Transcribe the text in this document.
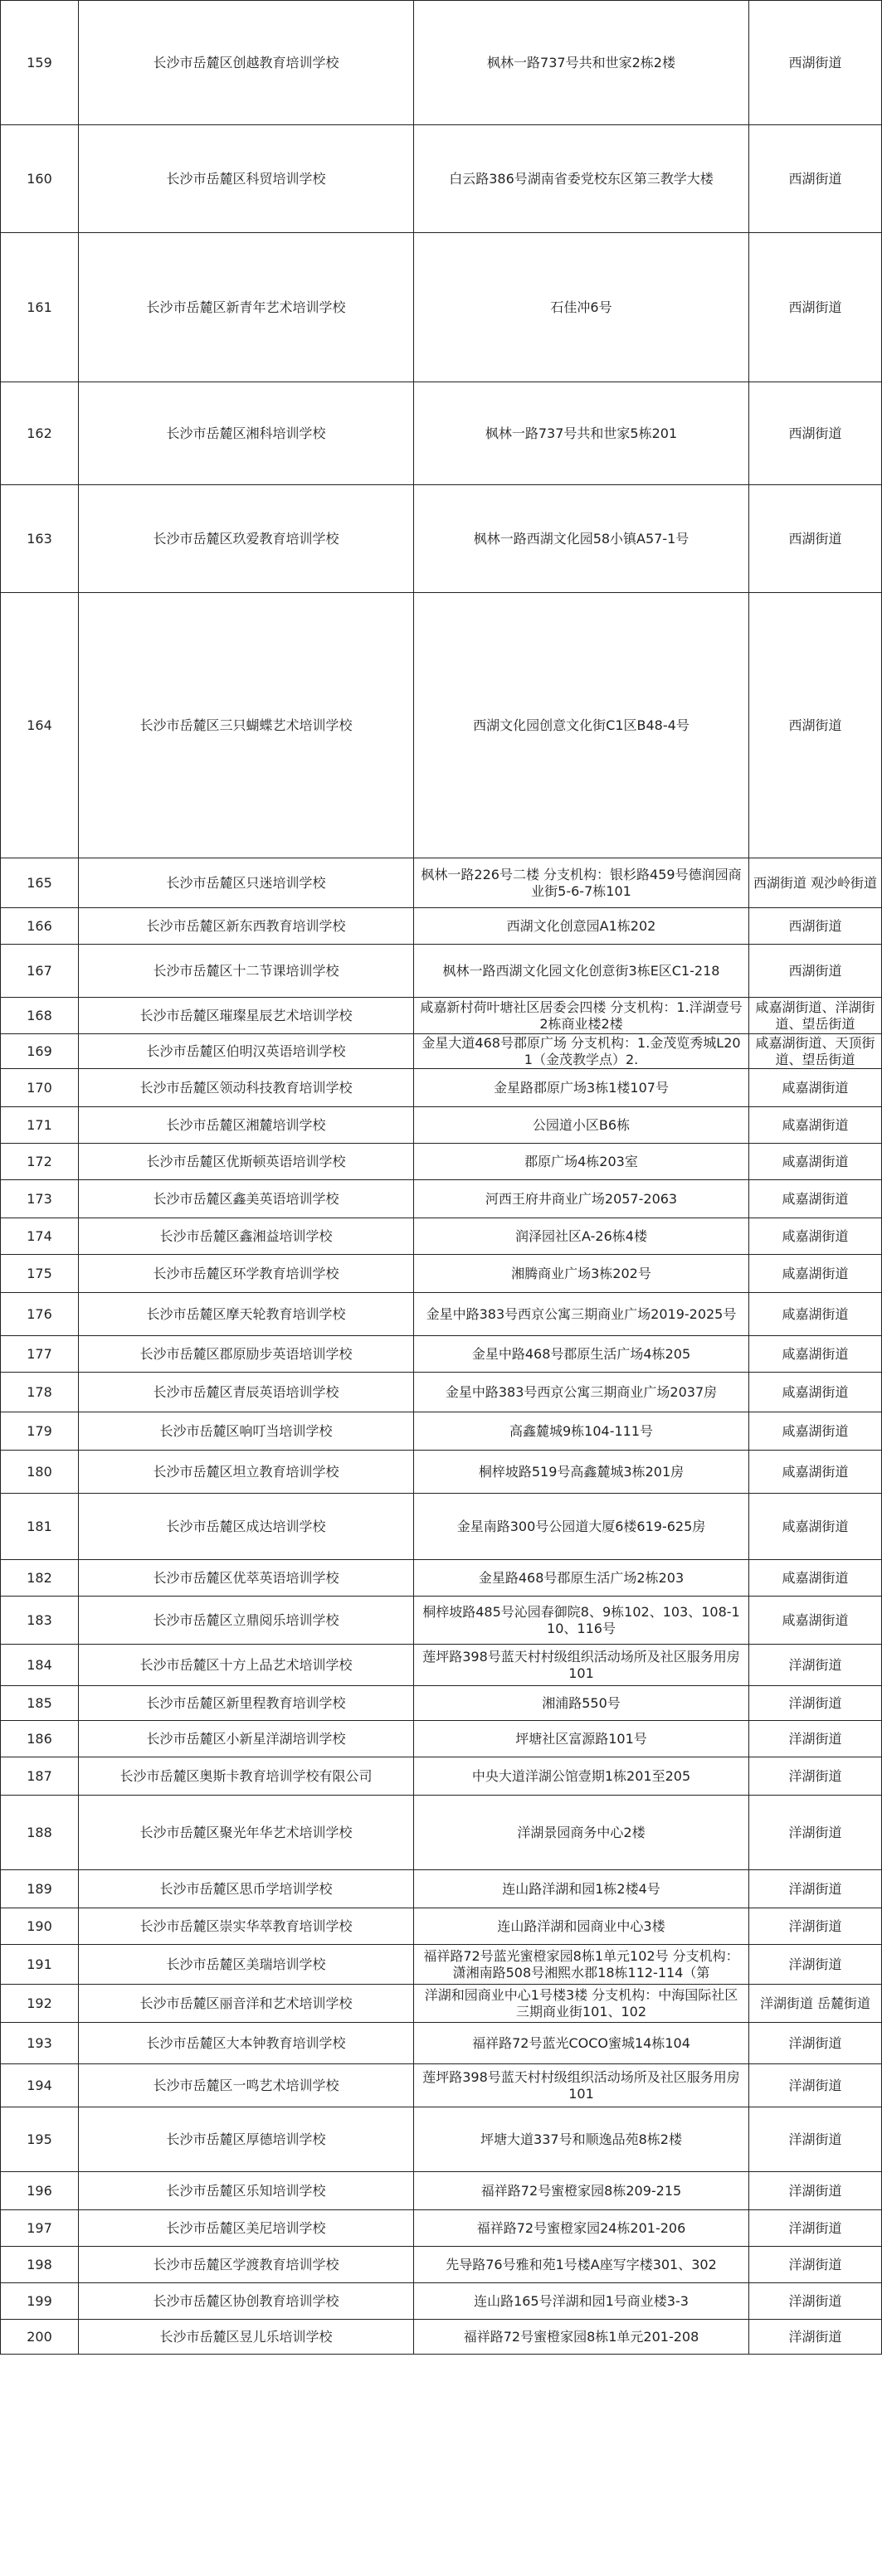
159	长沙市岳麓区创越教育培训学校	枫林一路737号共和世家2栋2楼	西湖街道
160	长沙市岳麓区科贸培训学校	白云路386号湖南省委党校东区第三教学大楼	西湖街道
161	长沙市岳麓区新青年艺术培训学校	石佳冲6号	西湖街道
162	长沙市岳麓区湘科培训学校	枫林一路737号共和世家5栋201	西湖街道
163	长沙市岳麓区玖爱教育培训学校	枫林一路西湖文化园58小镇A57-1号	西湖街道
164	长沙市岳麓区三只蝴蝶艺术培训学校	西湖文化园创意文化街C1区B48-4号	西湖街道
165	长沙市岳麓区只迷培训学校	枫林一路226号二楼 分支机构：银杉路459号德润园商业街5-6-7栋101	西湖街道 观沙岭街道
166	长沙市岳麓区新东西教育培训学校	西湖文化创意园A1栋202	西湖街道
167	长沙市岳麓区十二节课培训学校	枫林一路西湖文化园文化创意街3栋E区C1-218	西湖街道
168	长沙市岳麓区璀璨星辰艺术培训学校	咸嘉新村荷叶塘社区居委会四楼 分支机构：1.洋湖壹号2栋商业楼2楼	咸嘉湖街道、洋湖街道、望岳街道
169	长沙市岳麓区伯明汉英语培训学校	金星大道468号郡原广场 分支机构：1.金茂览秀城L201（金茂教学点）2.	咸嘉湖街道、天顶街道、望岳街道
170	长沙市岳麓区领动科技教育培训学校	金星路郡原广场3栋1楼107号	咸嘉湖街道
171	长沙市岳麓区湘麓培训学校	公园道小区B6栋	咸嘉湖街道
172	长沙市岳麓区优斯顿英语培训学校	郡原广场4栋203室	咸嘉湖街道
173	长沙市岳麓区鑫美英语培训学校	河西王府井商业广场2057-2063	咸嘉湖街道
174	长沙市岳麓区鑫湘益培训学校	润泽园社区A-26栋4楼	咸嘉湖街道
175	长沙市岳麓区环学教育培训学校	湘腾商业广场3栋202号	咸嘉湖街道
176	长沙市岳麓区摩天轮教育培训学校	金星中路383号西京公寓三期商业广场2019-2025号	咸嘉湖街道
177	长沙市岳麓区郡原励步英语培训学校	金星中路468号郡原生活广场4栋205	咸嘉湖街道
178	长沙市岳麓区青辰英语培训学校	金星中路383号西京公寓三期商业广场2037房	咸嘉湖街道
179	长沙市岳麓区响叮当培训学校	高鑫麓城9栋104-111号	咸嘉湖街道
180	长沙市岳麓区坦立教育培训学校	桐梓坡路519号高鑫麓城3栋201房	咸嘉湖街道
181	长沙市岳麓区成达培训学校	金星南路300号公园道大厦6楼619-625房	咸嘉湖街道
182	长沙市岳麓区优萃英语培训学校	金星路468号郡原生活广场2栋203	咸嘉湖街道
183	长沙市岳麓区立鼎阅乐培训学校	桐梓坡路485号沁园春御院8、9栋102、103、108-110、116号	咸嘉湖街道
184	长沙市岳麓区十方上品艺术培训学校	莲坪路398号蓝天村村级组织活动场所及社区服务用房101	洋湖街道
185	长沙市岳麓区新里程教育培训学校	湘浦路550号	洋湖街道
186	长沙市岳麓区小新星洋湖培训学校	坪塘社区富源路101号	洋湖街道
187	长沙市岳麓区奥斯卡教育培训学校有限公司	中央大道洋湖公馆壹期1栋201至205	洋湖街道
188	长沙市岳麓区聚光年华艺术培训学校	洋湖景园商务中心2楼	洋湖街道
189	长沙市岳麓区思币学培训学校	连山路洋湖和园1栋2楼4号	洋湖街道
190	长沙市岳麓区崇实华萃教育培训学校	连山路洋湖和园商业中心3楼	洋湖街道
191	长沙市岳麓区美瑞培训学校	福祥路72号蓝光蜜橙家园8栋1单元102号 分支机构：潇湘南路508号湘熙水郡18栋112-114（第	洋湖街道
192	长沙市岳麓区丽音洋和艺术培训学校	洋湖和园商业中心1号楼3楼 分支机构：中海国际社区三期商业街101、102	洋湖街道 岳麓街道
193	长沙市岳麓区大本钟教育培训学校	福祥路72号蓝光COCO蜜城14栋104	洋湖街道
194	长沙市岳麓区一鸣艺术培训学校	莲坪路398号蓝天村村级组织活动场所及社区服务用房101	洋湖街道
195	长沙市岳麓区厚德培训学校	坪塘大道337号和顺逸品苑8栋2楼	洋湖街道
196	长沙市岳麓区乐知培训学校	福祥路72号蜜橙家园8栋209-215	洋湖街道
197	长沙市岳麓区美尼培训学校	福祥路72号蜜橙家园24栋201-206	洋湖街道
198	长沙市岳麓区学渡教育培训学校	先导路76号雅和苑1号楼A座写字楼301、302	洋湖街道
199	长沙市岳麓区协创教育培训学校	连山路165号洋湖和园1号商业楼3-3	洋湖街道
200	长沙市岳麓区昱儿乐培训学校	福祥路72号蜜橙家园8栋1单元201-208	洋湖街道
